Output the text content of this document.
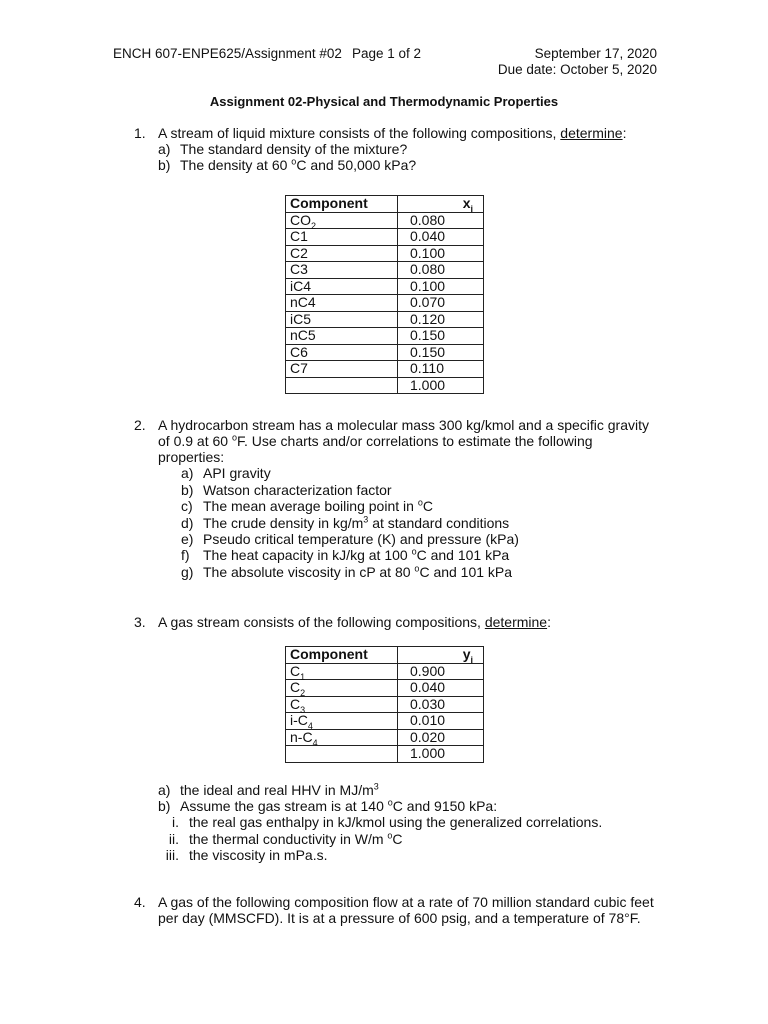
ENCH 607-ENPE625/Assignment #02 Page 1 of 2	September 17, 2020
Due date: October 5, 2020
Assignment 02-Physical and Thermodynamic Properties
1. A stream of liquid mixture consists of the following compositions, determine:
a) The standard density of the mixture?
b) The density at 60 $^o$C and 50,000 kPa?
Component	$x_i$
$CO_2$	0.080
C1	0.040
C2	0.100
C3	0.080
iC4	0.100
nC4	0.070
iC5	0.120
nC5	0.150
C6	0.150
C7	0.110
	1.000
2. A hydrocarbon stream has a molecular mass 300 kg/kmol and a specific gravity
of 0.9 at 60 $^o$F. Use charts and/or correlations to estimate the following
properties:
a) API gravity
b) Watson characterization factor
c) The mean average boiling point in $^o$C
d) The crude density in $kg/m^3$ at standard conditions
e) Pseudo critical temperature (K) and pressure (kPa)
f) The heat capacity in kJ/kg at 100 $^o$C and 101 kPa
g) The absolute viscosity in cP at 80 $^o$C and 101 kPa
3. A gas stream consists of the following compositions, determine:
Component	$y_i$
$C_1$	0.900
$C_2$	0.040
$C_3$	0.030
$i-C_4$	0.010
$n-C_4$	0.020
	1.000
a) the ideal and real HHV in $MJ/m^3$
b) Assume the gas stream is at 140 $^o$C and 9150 kPa:
i. the real gas enthalpy in kJ/kmol using the generalized correlations.
ii. the thermal conductivity in W/m $^o$C
iii. the viscosity in mPa.s.
4. A gas of the following composition flow at a rate of 70 million standard cubic feet
per day (MMSCFD). It is at a pressure of 600 psig, and a temperature of 78°F.
